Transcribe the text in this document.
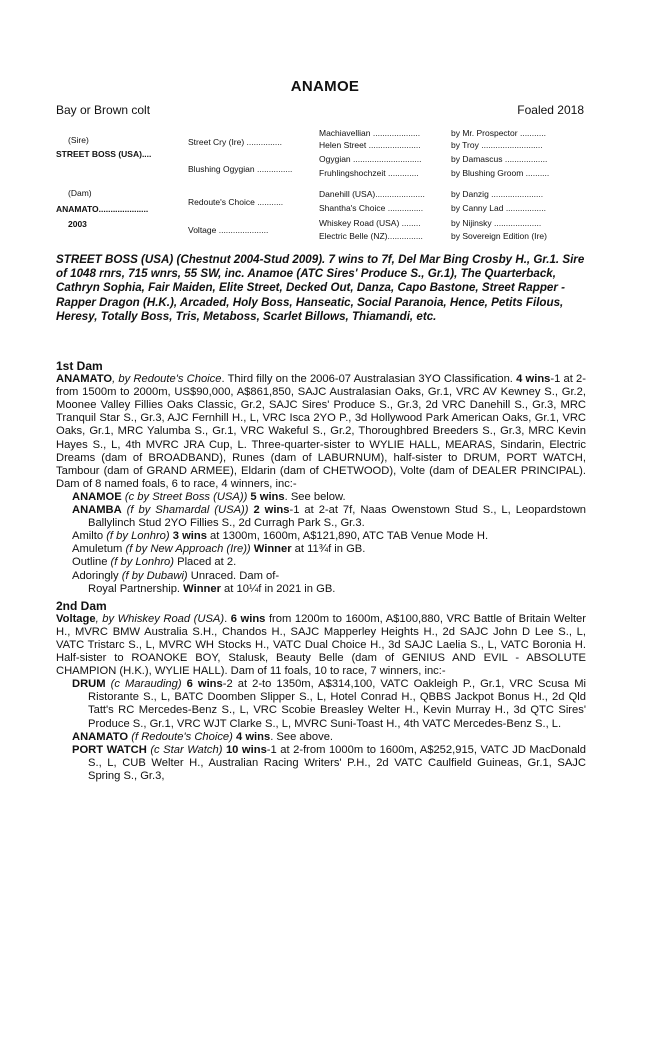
ANAMOE
Bay or Brown colt	Foaled 2018
(Sire)
STREET BOSS (USA)....
(Dam)
ANAMATO.....................
2003
Street Cry (Ire) ...............
Blushing Ogygian ...............
Redoute's Choice ...........
Voltage .....................
Machiavellian ....................
Helen Street ......................
Ogygian .............................
Fruhlingshochzeit .............
Danehill (USA).....................
Shantha's Choice ...............
Whiskey Road (USA) ........
Electric Belle (NZ)...............
by Mr. Prospector ...........
by Troy ..........................
by Damascus ..................
by Blushing Groom ..........
by Danzig ......................
by Canny Lad .................
by Nijinsky ....................
by Sovereign Edition (Ire)
STREET BOSS (USA) (Chestnut 2004-Stud 2009). 7 wins to 7f, Del Mar Bing Crosby H., Gr.1. Sire of 1048 rnrs, 715 wnrs, 55 SW, inc. Anamoe (ATC Sires' Produce S., Gr.1), The Quarterback, Cathryn Sophia, Fair Maiden, Elite Street, Decked Out, Danza, Capo Bastone, Street Rapper - Rapper Dragon (H.K.), Arcaded, Holy Boss, Hanseatic, Social Paranoia, Hence, Petits Filous, Heresy, Totally Boss, Tris, Metaboss, Scarlet Billows, Thiamandi, etc.

1st Dam

ANAMATO, by Redoute's Choice. Third filly on the 2006-07 Australasian 3YO Classification. 4 wins-1 at 2-from 1500m to 2000m, US$90,000, A$861,850, SAJC Australasian Oaks, Gr.1, VRC AV Kewney S., Gr.2, Moonee Valley Fillies Oaks Classic, Gr.2, SAJC Sires' Produce S., Gr.3, 2d VRC Danehill S., Gr.3, MRC Tranquil Star S., Gr.3, AJC Fernhill H., L, VRC Isca 2YO P., 3d Hollywood Park American Oaks, Gr.1, VRC Oaks, Gr.1, MRC Yalumba S., Gr.1, VRC Wakeful S., Gr.2, Thoroughbred Breeders S., Gr.3, MRC Kevin Hayes S., L, 4th MVRC JRA Cup, L. Three-quarter-sister to WYLIE HALL, MEARAS, Sindarin, Electric Dreams (dam of BROADBAND), Runes (dam of LABURNUM), half-sister to DRUM, PORT WATCH, Tambour (dam of GRAND ARMEE), Eldarin (dam of CHETWOOD), Volte (dam of DEALER PRINCIPAL). Dam of 8 named foals, 6 to race, 4 winners, inc:-

ANAMOE (c by Street Boss (USA)) 5 wins. See below.

ANAMBA (f by Shamardal (USA)) 2 wins-1 at 2-at 7f, Naas Owenstown Stud S., L, Leopardstown Ballylinch Stud 2YO Fillies S., 2d Curragh Park S., Gr.3.

Amilto (f by Lonhro) 3 wins at 1300m, 1600m, A$121,890, ATC TAB Venue Mode H.

Amuletum (f by New Approach (Ire)) Winner at 11¾f in GB.

Outline (f by Lonhro) Placed at 2.

Adoringly (f by Dubawi) Unraced. Dam of-

Royal Partnership. Winner at 10¼f in 2021 in GB.

2nd Dam

Voltage, by Whiskey Road (USA). 6 wins from 1200m to 1600m, A$100,880, VRC Battle of Britain Welter H., MVRC BMW Australia S.H., Chandos H., SAJC Mapperley Heights H., 2d SAJC John D Lee S., L, VATC Tristarc S., L, MVRC WH Stocks H., VATC Dual Choice H., 3d SAJC Laelia S., L, VATC Boronia H. Half-sister to ROANOKE BOY, Stalusk, Beauty Belle (dam of GENIUS AND EVIL - ABSOLUTE CHAMPION (H.K.), WYLIE HALL). Dam of 11 foals, 10 to race, 7 winners, inc:-

DRUM (c Marauding) 6 wins-2 at 2-to 1350m, A$314,100, VATC Oakleigh P., Gr.1, VRC Scusa Mi Ristorante S., L, BATC Doomben Slipper S., L, Hotel Conrad H., QBBS Jackpot Bonus H., 2d Qld Tatt's RC Mercedes-Benz S., L, VRC Scobie Breasley Welter H., Kevin Murray H., 3d QTC Sires' Produce S., Gr.1, VRC WJT Clarke S., L, MVRC Suni-Toast H., 4th VATC Mercedes-Benz S., L.

ANAMATO (f Redoute's Choice) 4 wins. See above.

PORT WATCH (c Star Watch) 10 wins-1 at 2-from 1000m to 1600m, A$252,915, VATC JD MacDonald S., L, CUB Welter H., Australian Racing Writers' P.H., 2d VATC Caulfield Guineas, Gr.1, SAJC Spring S., Gr.3,
